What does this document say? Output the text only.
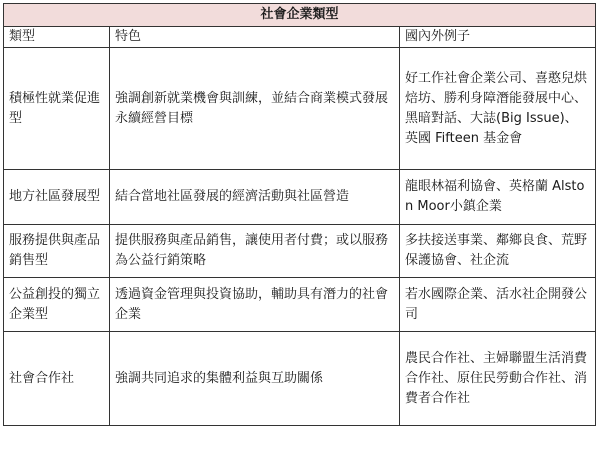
社會企業類型		
類型	特色	國內外例子
積極性就業促進型	強調創新就業機會與訓練，並結合商業模式發展永續經營目標	好工作社會企業公司、喜憨兒烘焙坊、勝利身障潛能發展中心、黑暗對話、大誌(Big Issue)、英國 Fifteen 基金會
地方社區發展型	結合當地社區發展的經濟活動與社區營造	龍眼林福利協會、英格蘭 Alston Moor小鎮企業
服務提供與產品銷售型	提供服務與產品銷售，讓使用者付費；或以服務為公益行銷策略	多扶接送事業、鄰鄉良食、荒野保護協會、社企流
公益創投的獨立企業型	透過資金管理與投資協助，輔助具有潛力的社會企業	若水國際企業、活水社企開發公司
社會合作社	強調共同追求的集體利益與互助關係	農民合作社、主婦聯盟生活消費合作社、原住民勞動合作社、消費者合作社
